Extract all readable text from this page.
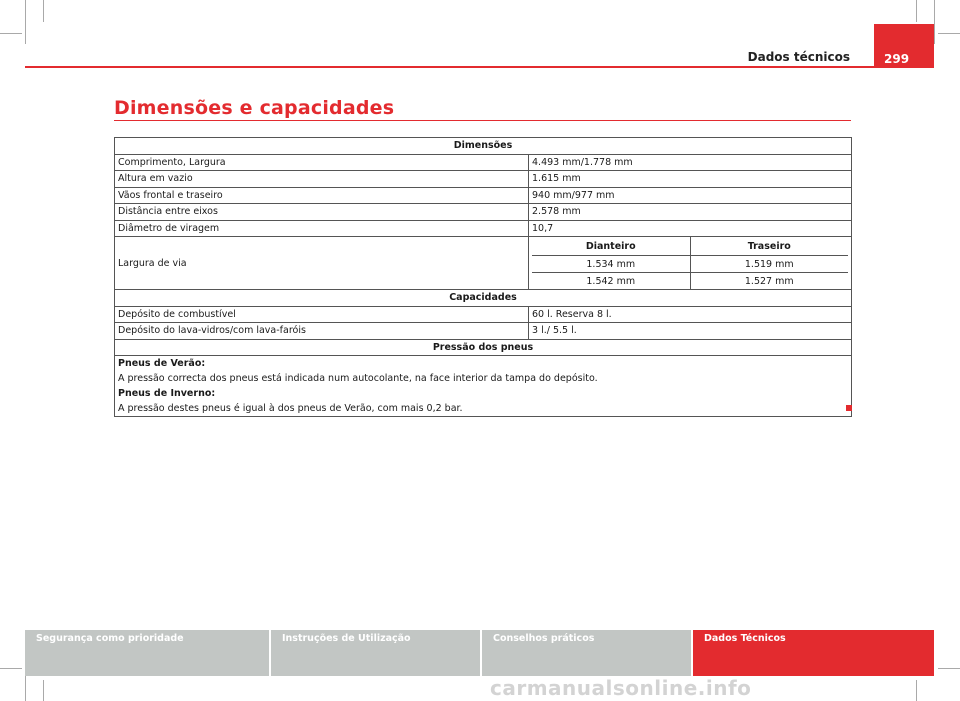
Dados técnicos	299
Dimensões e capacidades
Dimensões
Comprimento, Largura	4.493 mm/1.778 mm
Altura em vazio	1.615 mm
Vãos frontal e traseiro	940 mm/977 mm
Distância entre eixos	2.578 mm
Diâmetro de viragem	10,7
Largura de via	
Dianteiro	Traseiro
1.534 mm	1.519 mm
1.542 mm	1.527 mm

Capacidades
Depósito de combustível	60 l. Reserva 8 l.
Depósito do lava-vidros/com lava-faróis	3 l./ 5.5 l.
Pressão dos pneus

Pneus de Verão:
A pressão correcta dos pneus está indicada num autocolante, na face interior da tampa do depósito.
Pneus de Inverno:
A pressão destes pneus é igual à dos pneus de Verão, com mais 0,2 bar.
Segurança como prioridade	Instruções de Utilização	Conselhos práticos	Dados Técnicos
carmanualsonline.info
